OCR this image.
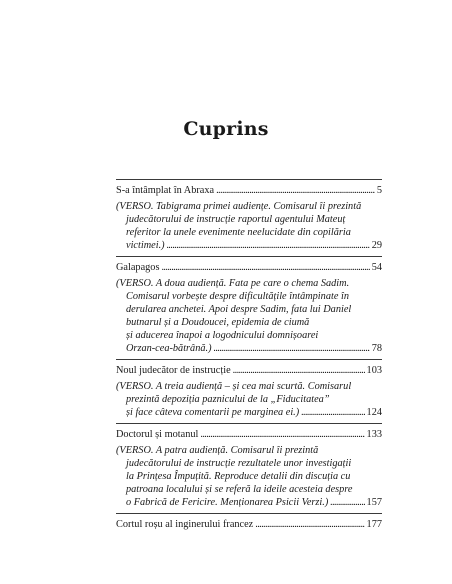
Cuprins
S-a întâmplat în Abraxa . . .	5
(VERSO. Tabigrama primei audiențe. Comisarul îi prezintă
judecătorului de instrucție raportul agentului Mateuț
referitor la unele evenimente neelucidate din copilăria
victimei.) . . .	29
Galapagos . . .	54
(VERSO. A doua audiență. Fata pe care o chema Sadim.
Comisarul vorbește despre dificultățile întâmpinate în
derularea anchetei. Apoi despre Sadim, fata lui Daniel
butnarul și a Doudoucei, epidemia de ciumă
și aducerea înapoi a logodnicului domnișoarei
Orzan-cea-bătrână.) . . .	78
Noul judecător de instrucție . . .	103
(VERSO. A treia audiență – și cea mai scurtă. Comisarul
prezintă depoziția paznicului de la „Fiducitatea”
și face câteva comentarii pe marginea ei.) . . .	124
Doctorul și motanul . . .	133
(VERSO. A patra audiență. Comisarul îi prezintă
judecătorului de instrucție rezultatele unor investigații
la Prințesa Împuțită. Reproduce detalii din discuția cu
patroana localului și se referă la ideile acesteia despre
o Fabrică de Fericire. Menționarea Psicii Verzi.) . . .	157
Cortul roșu al inginerului francez . . .	177
